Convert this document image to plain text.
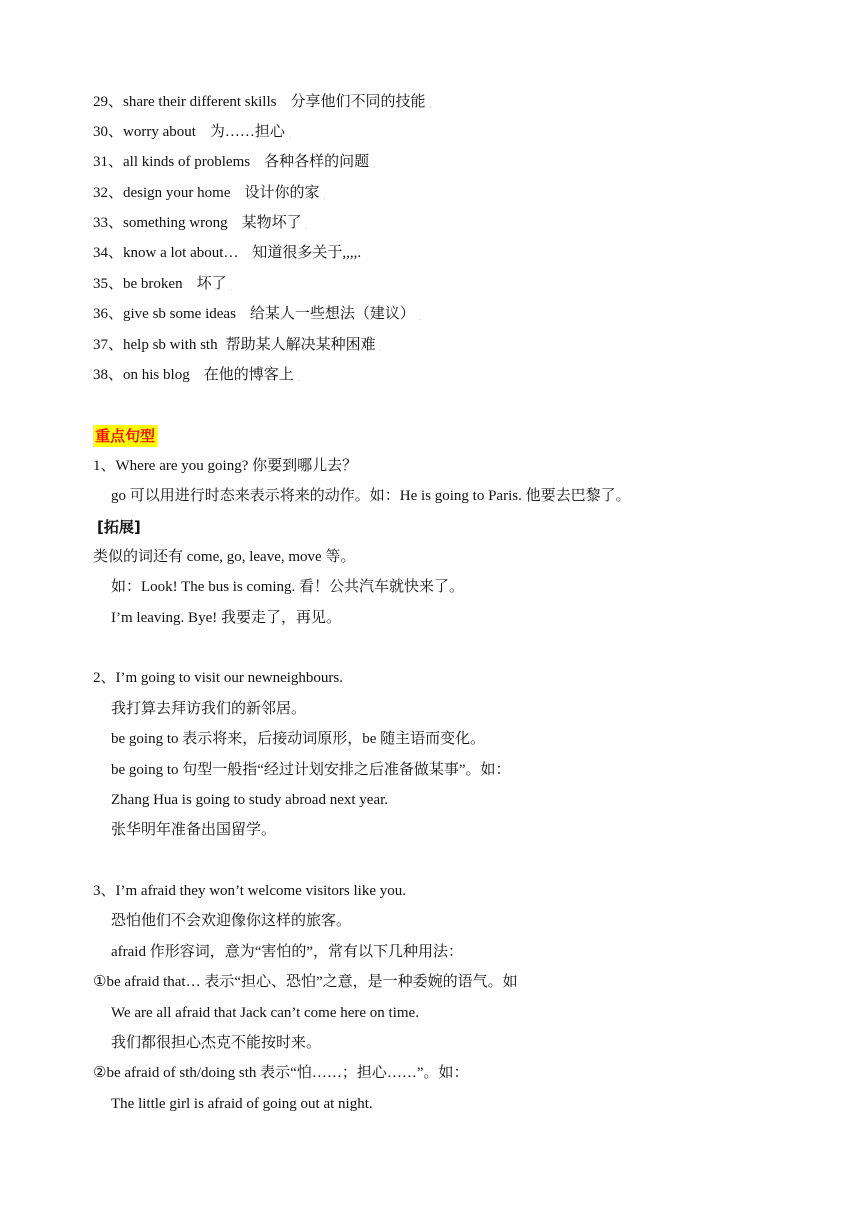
29、share their different skills 分享他们不同的技能 .
30、worry about 为……担心 .
31、all kinds of problems 各种各样的问题 .
32、design your home 设计你的家 .
33、something wrong 某物坏了 .
34、know a lot about… 知道很多关于,,,,.
35、be broken 坏了 .
36、give sb some ideas 给某人一些想法（建议） .
37、help sb with sth 帮助某人解决某种困难 .
38、on his blog 在他的博客上 .
重点句型
1、Where are you going? 你要到哪儿去？
go 可以用进行时态来表示将来的动作。如：He is going to Paris. 他要去巴黎了。
[拓展]
类似的词还有 come, go, leave, move 等。
如：Look! The bus is coming. 看！公共汽车就快来了。
I’m leaving. Bye! 我要走了，再见。
2、I’m going to visit our newneighbours.
我打算去拜访我们的新邻居。
be going to 表示将来，后接动词原形，be 随主语而变化。
be going to 句型一般指“经过计划安排之后准备做某事”。如：
Zhang Hua is going to study abroad next year.
张华明年准备出国留学。
3、I’m afraid they won’t welcome visitors like you.
恐怕他们不会欢迎像你这样的旅客。
afraid 作形容词，意为“害怕的”，常有以下几种用法：
①be afraid that… 表示“担心、恐怕”之意，是一种委婉的语气。如
We are all afraid that Jack can’t come here on time.
我们都很担心杰克不能按时来。
②be afraid of sth/doing sth 表示“怕……；担心……”。如：
The little girl is afraid of going out at night.
